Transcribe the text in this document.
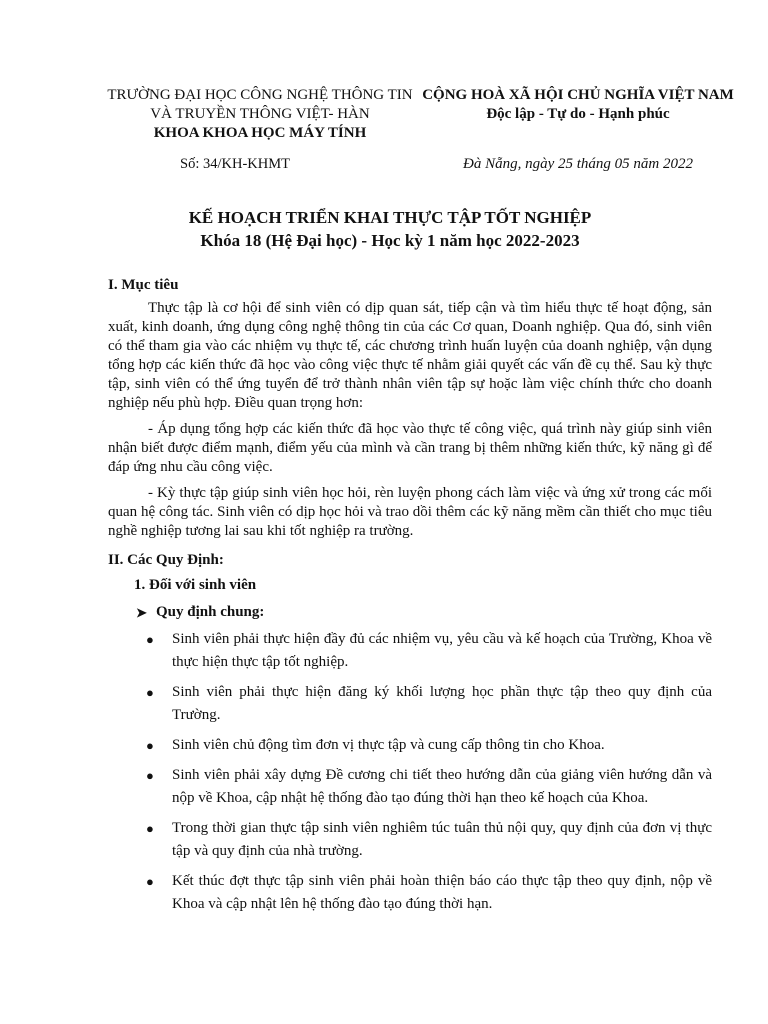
TRƯỜNG ĐẠI HỌC CÔNG NGHỆ THÔNG TIN
VÀ TRUYỀN THÔNG VIỆT- HÀN
KHOA KHOA HỌC MÁY TÍNH
CỘNG HOÀ XÃ HỘI CHỦ NGHĨA VIỆT NAM
Độc lập - Tự do - Hạnh phúc
Số: 34/KH-KHMT	Đà Nẵng, ngày 25 tháng 05 năm 2022
KẾ HOẠCH TRIỂN KHAI THỰC TẬP TỐT NGHIỆP
Khóa 18 (Hệ Đại học) - Học kỳ 1 năm học 2022-2023
I. Mục tiêu

Thực tập là cơ hội để sinh viên có dịp quan sát, tiếp cận và tìm hiểu thực tế hoạt động, sản xuất, kinh doanh, ứng dụng công nghệ thông tin của các Cơ quan, Doanh nghiệp. Qua đó, sinh viên có thể tham gia vào các nhiệm vụ thực tế, các chương trình huấn luyện của doanh nghiệp, vận dụng tổng hợp các kiến thức đã học vào công việc thực tế nhằm giải quyết các vấn đề cụ thể. Sau kỳ thực tập, sinh viên có thể ứng tuyển để trở thành nhân viên tập sự hoặc làm việc chính thức cho doanh nghiệp nếu phù hợp. Điều quan trọng hơn:

- Áp dụng tổng hợp các kiến thức đã học vào thực tế công việc, quá trình này giúp sinh viên nhận biết được điểm mạnh, điểm yếu của mình và cần trang bị thêm những kiến thức, kỹ năng gì để đáp ứng nhu cầu công việc.

- Kỳ thực tập giúp sinh viên học hỏi, rèn luyện phong cách làm việc và ứng xử trong các mối quan hệ công tác. Sinh viên có dịp học hỏi và trao dồi thêm các kỹ năng mềm cần thiết cho mục tiêu nghề nghiệp tương lai sau khi tốt nghiệp ra trường.

II. Các Quy Định:
1. Đối với sinh viên
➤ Quy định chung:
● Sinh viên phải thực hiện đầy đủ các nhiệm vụ, yêu cầu và kế hoạch của Trường, Khoa về thực hiện thực tập tốt nghiệp.
● Sinh viên phải thực hiện đăng ký khối lượng học phần thực tập theo quy định của Trường.
● Sinh viên chủ động tìm đơn vị thực tập và cung cấp thông tin cho Khoa.
● Sinh viên phải xây dựng Đề cương chi tiết theo hướng dẫn của giảng viên hướng dẫn và nộp về Khoa, cập nhật hệ thống đào tạo đúng thời hạn theo kế hoạch của Khoa.
● Trong thời gian thực tập sinh viên nghiêm túc tuân thủ nội quy, quy định của đơn vị thực tập và quy định của nhà trường.
● Kết thúc đợt thực tập sinh viên phải hoàn thiện báo cáo thực tập theo quy định, nộp về Khoa và cập nhật lên hệ thống đào tạo đúng thời hạn.
